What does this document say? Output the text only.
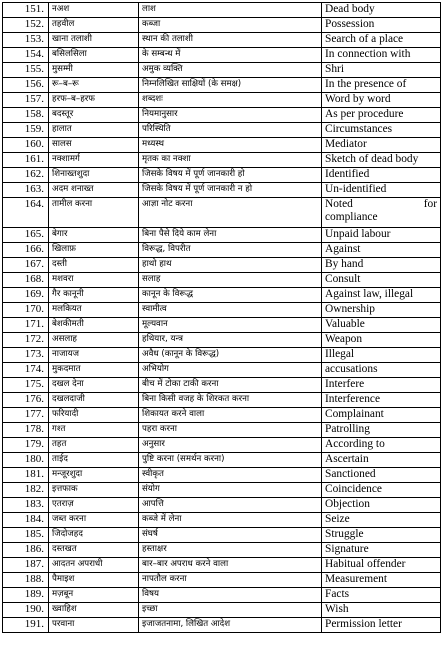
151.	नअश	लाश	Dead body
152.	तहवील	कब्जा	Possession
153.	खाना तलाशी	स्थान की तलाशी	Search of a place
154.	बसिलसिला	के सम्बन्ध में	In connection with
155.	मुसम्मी	अमुक व्यक्ति	Shri
156.	रू–ब–रू	निम्नलिखित साक्षियों (के समक्ष)	In the presence of
157.	हरफ–ब–हरफ	शब्दशः	Word by word
158.	बदस्तूर	नियमानुसार	As per procedure
159.	हालात	परिस्थिति	Circumstances
160.	सालस	मध्यस्थ	Mediator
161.	नक्शामर्ग	मृतक का नक्शा	Sketch of dead body
162.	शिनाख्तशुदा	जिसके विषय में पूर्ण जानकारी हो	Identified
163.	अदम शनाख्त	जिसके विषय में पूर्ण जानकारी न हो	Un-identified
164.	तामील करना	आज्ञा नोट करना	Noted for
compliance

165.	बेगार	बिना पैसे दिये काम लेना	Unpaid labour
166.	खिलाफ़	विरूद्ध, विपरीत	Against
167.	दस्ती	हाथो हाथ	By hand
168.	मशवरा	सलाह	Consult
169.	गैर कानूनी	कानून के विरूद्ध	Against law, illegal
170.	मलकियत	स्वामीत्व	Ownership
171.	बेशकीमती	मूल्यवान	Valuable
172.	असलाह	हथियार, यन्त्र	Weapon
173.	नाजायज	अवैध (कानून के विरूद्ध)	Illegal
174.	मुकदमात	अभियोग	accusations
175.	दखल देना	बीच में टोका टाकी करना	Interfere
176.	दखलदाजी	बिना किसी वजह के शिरकत करना	Interference
177.	फरियादी	शिकायत करने वाला	Complainant
178.	गश्त	पहरा करना	Patrolling
179.	तहत	अनुसार	According to
180.	ताईद	पुष्टि करना (समर्थन करना)	Ascertain
181.	मन्जूरशुदा	स्वीकृत	Sanctioned
182.	इत्तफाक	संयोग	Coincidence
183.	एतराज़	आपत्ति	Objection
184.	जब्त करना	कब्जे में लेना	Seize
185.	जिदोजहद	संघर्ष	Struggle
186.	दस्तखत	हस्ताक्षर	Signature
187.	आदतन अपराधी	बार–बार अपराध करने वाला	Habitual offender
188.	पैमाइश	नापतौल करना	Measurement
189.	मज़बून	विषय	Facts
190.	ख्वाहिश	इच्छा	Wish
191.	परवाना	इजाजतनामा, लिखित आदेश	Permission letter
